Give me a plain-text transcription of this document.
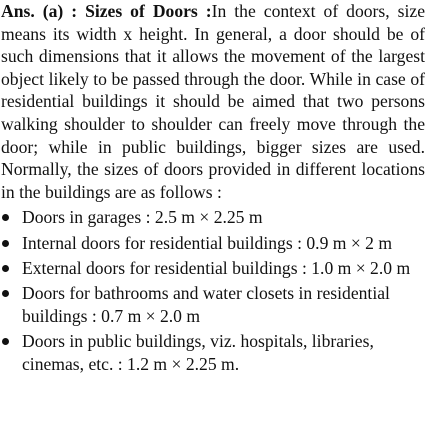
Ans. (a) : Sizes of Doors :In the context of doors, size means its width x height. In general, a door should be of such dimensions that it allows the movement of the largest object likely to be passed through the door. While in case of residential buildings it should be aimed that two persons walking shoulder to shoulder can freely move through the door; while in public buildings, bigger sizes are used. Normally, the sizes of doors provided in different locations in the buildings are as follows :

Doors in garages : 2.5 m × 2.25 m
Internal doors for residential buildings : 0.9 m × 2 m
External doors for residential buildings : 1.0 m × 2.0 m
Doors for bathrooms and water closets in residential buildings : 0.7 m × 2.0 m
Doors in public buildings, viz. hospitals, libraries, cinemas, etc. : 1.2 m × 2.25 m.
